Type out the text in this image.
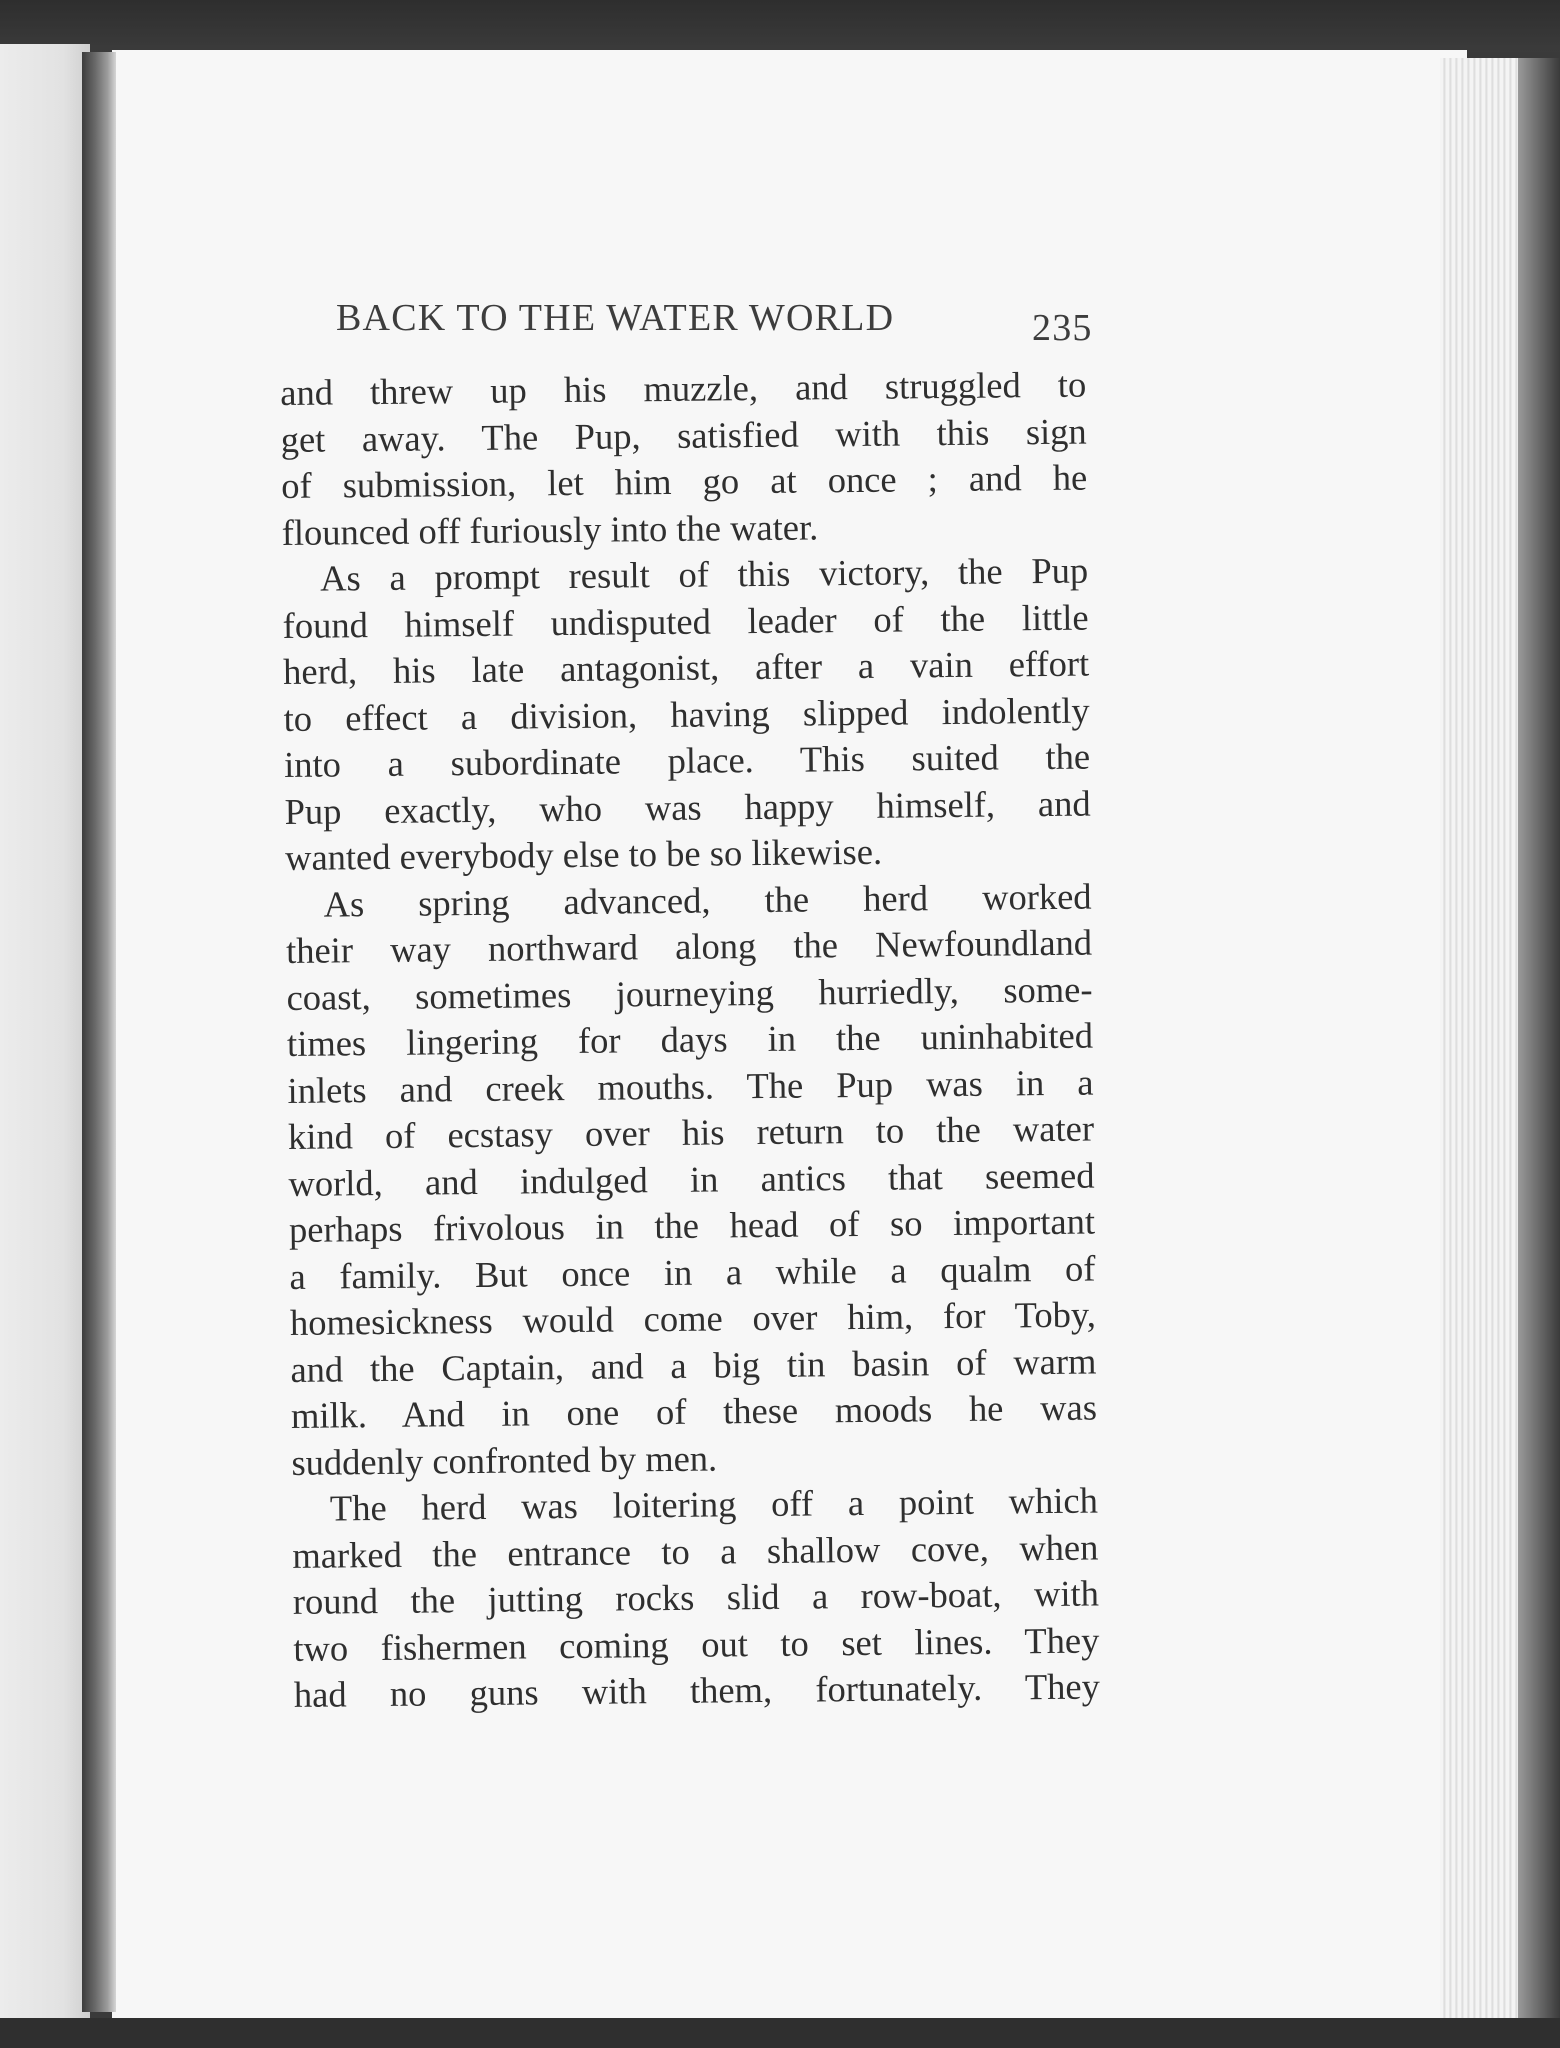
BACK TO THE WATER WORLD	235
and threw up his muzzle, and struggled to
get away. The Pup, satisfied with this sign
of submission, let him go at once ; and he
flounced off furiously into the water.
As a prompt result of this victory, the Pup
found himself undisputed leader of the little
herd, his late antagonist, after a vain effort
to effect a division, having slipped indolently
into a subordinate place. This suited the
Pup exactly, who was happy himself, and
wanted everybody else to be so likewise.
As spring advanced, the herd worked
their way northward along the Newfoundland
coast, sometimes journeying hurriedly, some-
times lingering for days in the uninhabited
inlets and creek mouths. The Pup was in a
kind of ecstasy over his return to the water
world, and indulged in antics that seemed
perhaps frivolous in the head of so important
a family. But once in a while a qualm of
homesickness would come over him, for Toby,
and the Captain, and a big tin basin of warm
milk. And in one of these moods he was
suddenly confronted by men.
The herd was loitering off a point which
marked the entrance to a shallow cove, when
round the jutting rocks slid a row-boat, with
two fishermen coming out to set lines. They
had no guns with them, fortunately. They
